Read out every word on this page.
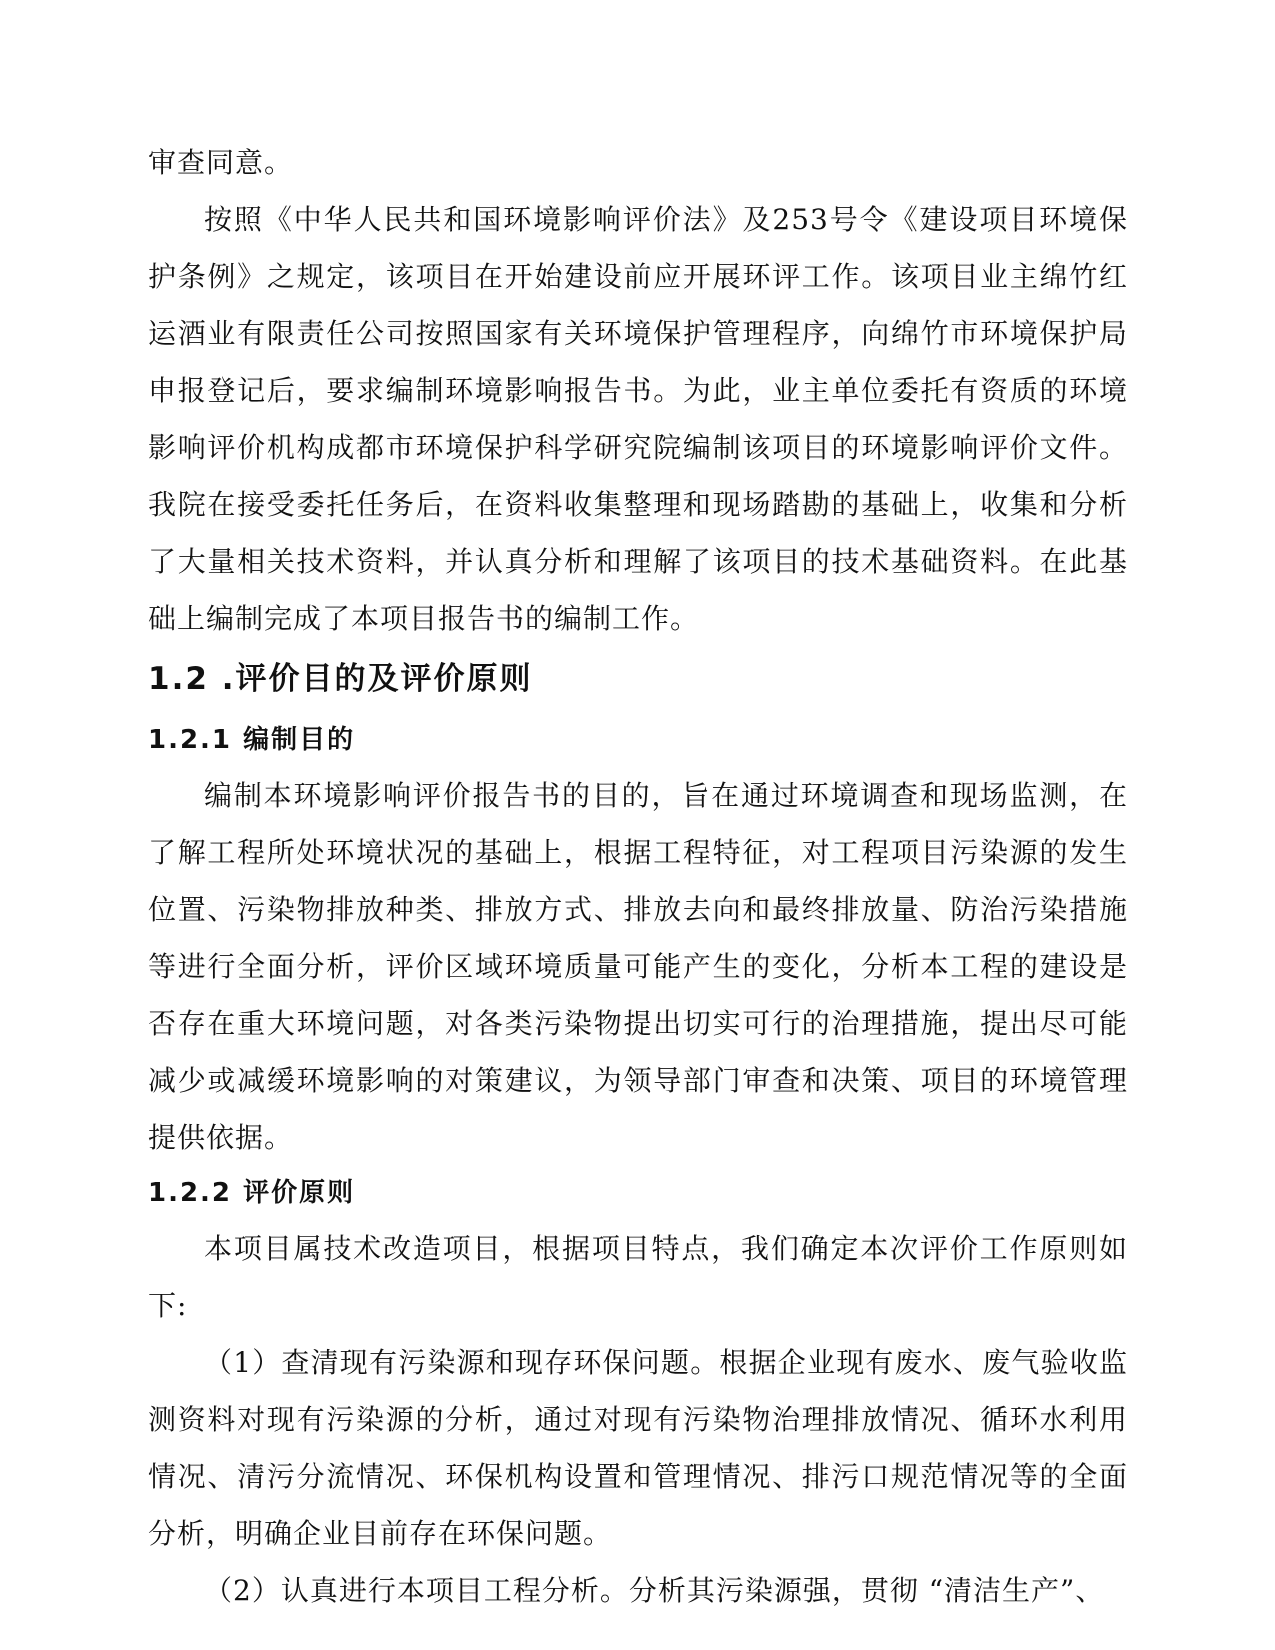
审查同意。

按照《中华人民共和国环境影响评价法》及253号令《建设项目环境保护条例》之规定，该项目在开始建设前应开展环评工作。该项目业主绵竹红运酒业有限责任公司按照国家有关环境保护管理程序，向绵竹市环境保护局申报登记后，要求编制环境影响报告书。为此，业主单位委托有资质的环境影响评价机构成都市环境保护科学研究院编制该项目的环境影响评价文件。我院在接受委托任务后，在资料收集整理和现场踏勘的基础上，收集和分析了大量相关技术资料，并认真分析和理解了该项目的技术基础资料。在此基础上编制完成了本项目报告书的编制工作。

1.2 .评价目的及评价原则
1.2.1 编制目的

编制本环境影响评价报告书的目的，旨在通过环境调查和现场监测，在了解工程所处环境状况的基础上，根据工程特征，对工程项目污染源的发生位置、污染物排放种类、排放方式、排放去向和最终排放量、防治污染措施等进行全面分析，评价区域环境质量可能产生的变化，分析本工程的建设是否存在重大环境问题，对各类污染物提出切实可行的治理措施，提出尽可能减少或减缓环境影响的对策建议，为领导部门审查和决策、项目的环境管理提供依据。

1.2.2 评价原则

本项目属技术改造项目，根据项目特点，我们确定本次评价工作原则如下:

（1）查清现有污染源和现存环保问题。根据企业现有废水、废气验收监测资料对现有污染源的分析，通过对现有污染物治理排放情况、循环水利用情况、清污分流情况、环保机构设置和管理情况、排污口规范情况等的全面分析，明确企业目前存在环保问题。

（2）认真进行本项目工程分析。分析其污染源强，贯彻 “清洁生产”、
